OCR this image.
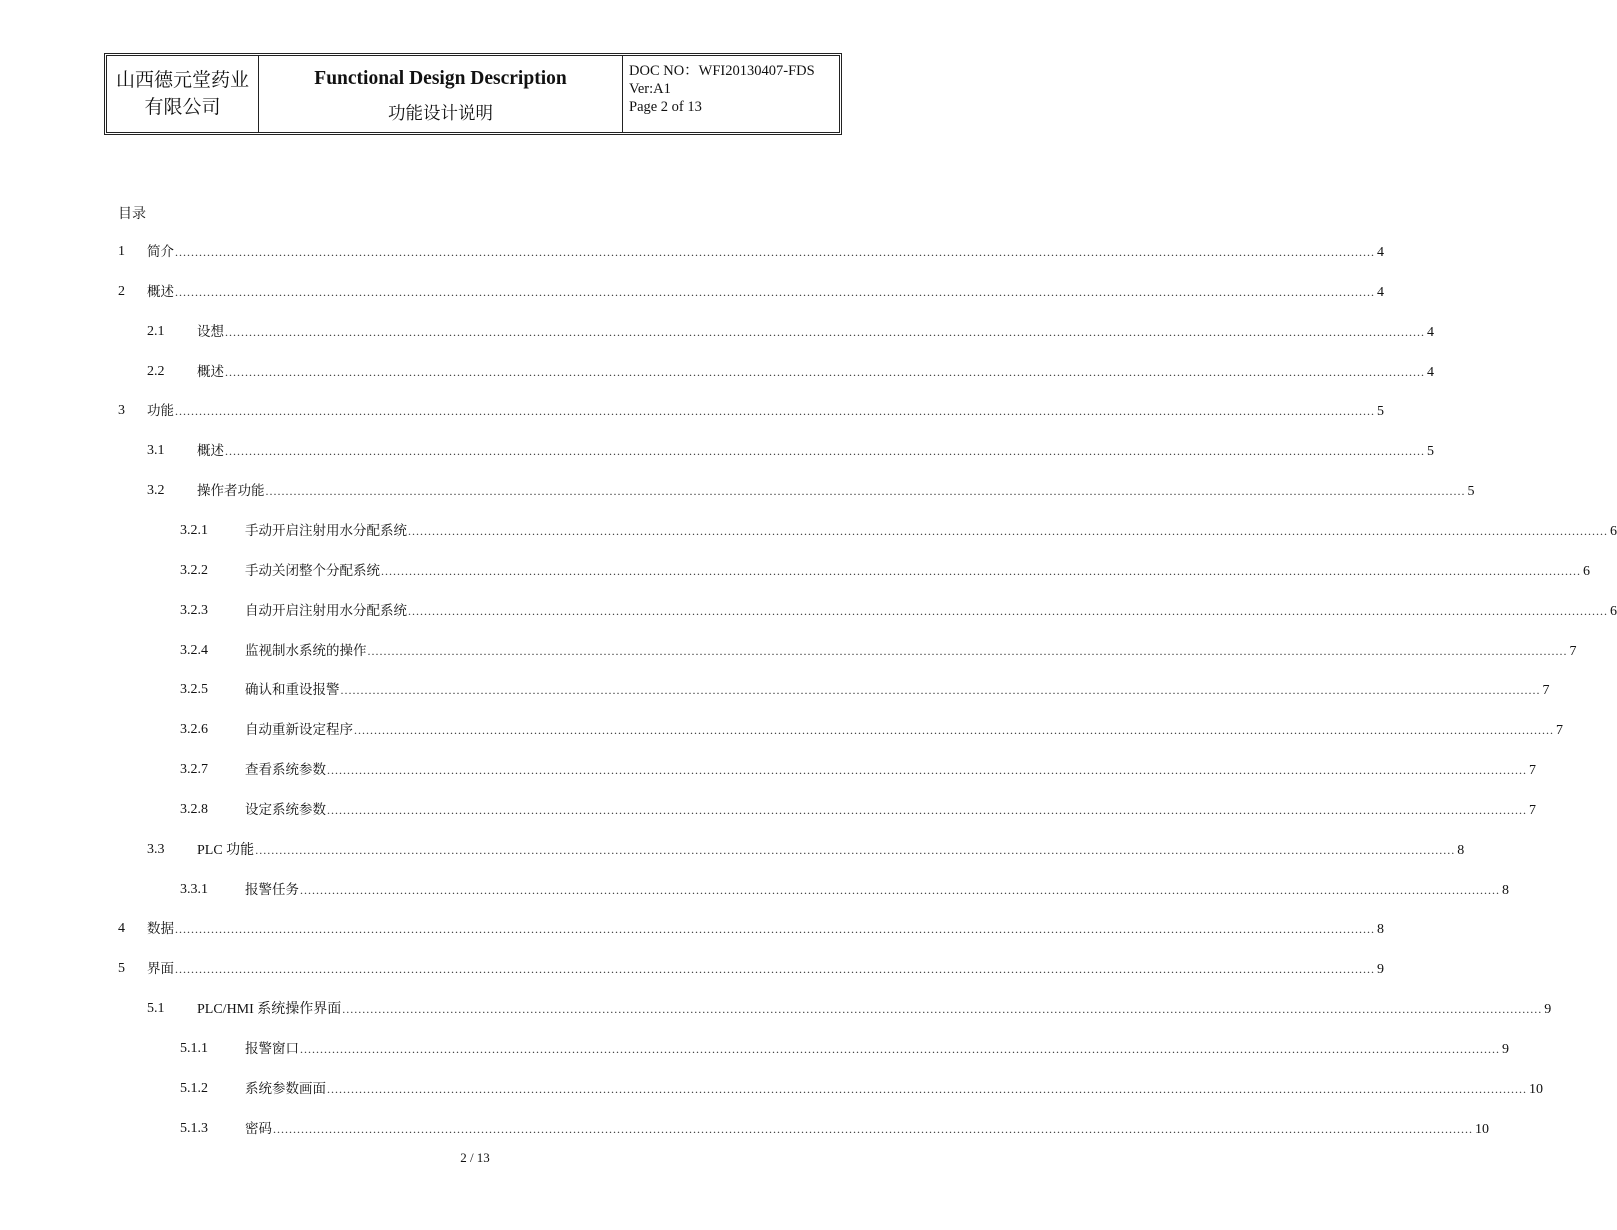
山西德元堂药业有限公司
Functional Design Description
功能设计说明
DOC NO：WFI20130407-FDS
Ver:A1
Page 2 of 13
目录
1 简介 ............................................................................................................................................................................................................................................................................................................ 4
2 概述 ............................................................................................................................................................................................................................................................................................................ 4
2.1 设想 ............................................................................................................................................................................................................................................................................................................ 4
2.2 概述 ............................................................................................................................................................................................................................................................................................................ 4
3 功能 ............................................................................................................................................................................................................................................................................................................ 5
3.1 概述 ............................................................................................................................................................................................................................................................................................................ 5
3.2 操作者功能 ............................................................................................................................................................................................................................................................................................................ 5
3.2.1	手动开启注射用水分配系统 ............................................................................................................................................................................................................................................................................................................ 6
3.2.2	手动关闭整个分配系统 ............................................................................................................................................................................................................................................................................................................ 6
3.2.3	自动开启注射用水分配系统 ............................................................................................................................................................................................................................................................................................................ 6
3.2.4	监视制水系统的操作 ............................................................................................................................................................................................................................................................................................................ 7
3.2.5	确认和重设报警 ............................................................................................................................................................................................................................................................................................................ 7
3.2.6	自动重新设定程序 ............................................................................................................................................................................................................................................................................................................ 7
3.2.7	查看系统参数 ............................................................................................................................................................................................................................................................................................................ 7
3.2.8	设定系统参数 ............................................................................................................................................................................................................................................................................................................ 7
3.3 PLC 功能 ............................................................................................................................................................................................................................................................................................................ 8
3.3.1	报警任务 ............................................................................................................................................................................................................................................................................................................ 8
4 数据 ............................................................................................................................................................................................................................................................................................................ 8
5 界面 ............................................................................................................................................................................................................................................................................................................ 9
5.1 PLC/HMI 系统操作界面 ............................................................................................................................................................................................................................................................................................................ 9
5.1.1	报警窗口 ............................................................................................................................................................................................................................................................................................................ 9
5.1.2	系统参数画面 ............................................................................................................................................................................................................................................................................................................ 10
5.1.3	密码 ............................................................................................................................................................................................................................................................................................................ 10
2 / 13
